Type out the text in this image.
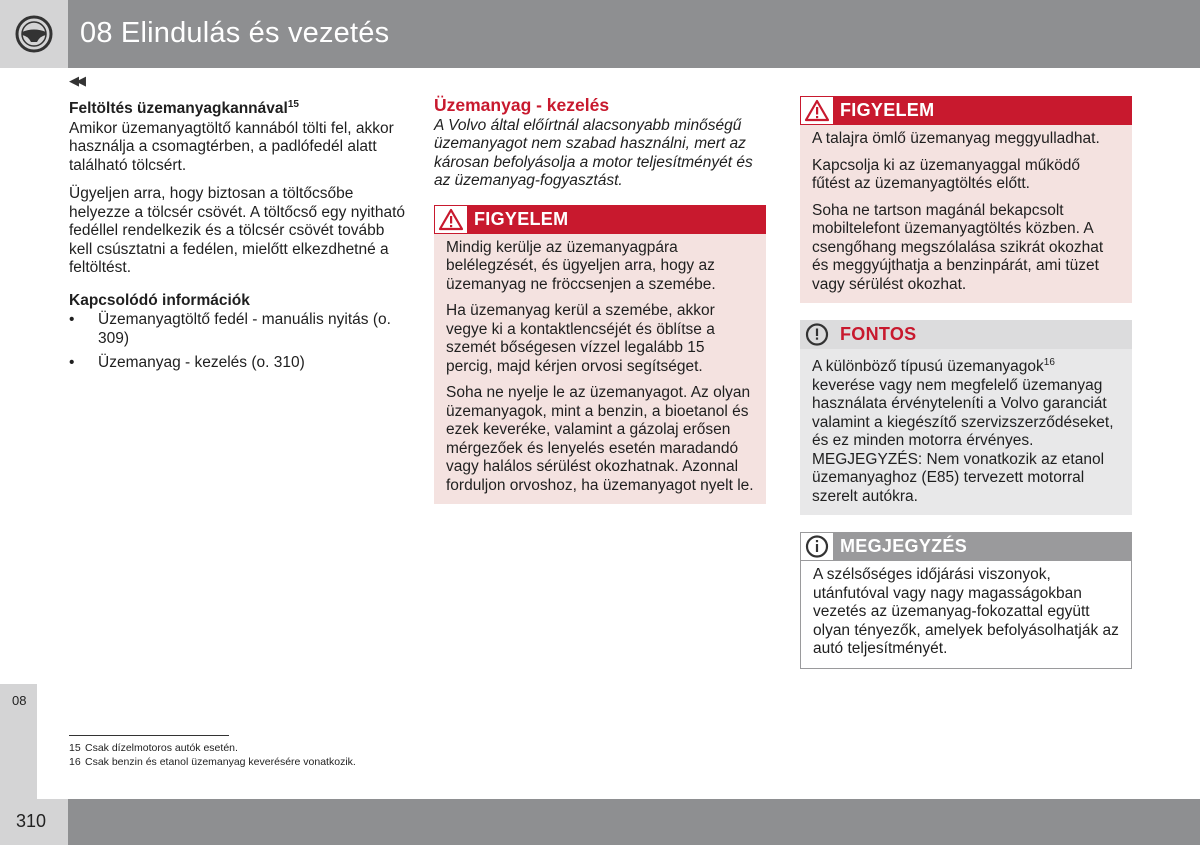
08 Elindulás és vezetés
◀◀
Feltöltés üzemanyagkannával$^{15}$

Amikor üzemanyagtöltő kannából tölti fel, akkor használja a csomagtérben, a padlófedél alatt található tölcsért.

Ügyeljen arra, hogy biztosan a töltőcsőbe helyezze a tölcsér csövét. A töltőcső egy nyitható fedéllel rendelkezik és a tölcsér csövét tovább kell csúsztatni a fedélen, mielőtt elkezdhetné a feltöltést.

Kapcsolódó információk
• Üzemanyagtöltő fedél - manuális nyitás (o. 309)
• Üzemanyag - kezelés (o. 310)
Üzemanyag - kezelés

A Volvo által előírtnál alacsonyabb minőségű üzemanyagot nem szabad használni, mert az károsan befolyásolja a motor teljesítményét és az üzemanyag-fogyasztást.

FIGYELEM

Mindig kerülje az üzemanyagpára belélegzését, és ügyeljen arra, hogy az üzemanyag ne fröccsenjen a szemébe.

Ha üzemanyag kerül a szemébe, akkor vegye ki a kontaktlencséjét és öblítse a szemét bőségesen vízzel legalább 15 percig, majd kérjen orvosi segítséget.

Soha ne nyelje le az üzemanyagot. Az olyan üzemanyagok, mint a benzin, a bioetanol és ezek keveréke, valamint a gázolaj erősen mérgezőek és lenyelés esetén maradandó vagy halálos sérülést okozhatnak. Azonnal forduljon orvoshoz, ha üzemanyagot nyelt le.

FIGYELEM

A talajra ömlő üzemanyag meggyulladhat.

Kapcsolja ki az üzemanyaggal működő fűtést az üzemanyagtöltés előtt.

Soha ne tartson magánál bekapcsolt mobiltelefont üzemanyagtöltés közben. A csengőhang megszólalása szikrát okozhat és meggyújthatja a benzinpárát, ami tüzet vagy sérülést okozhat.

FONTOS

A különböző típusú üzemanyagok$^{16}$ keverése vagy nem megfelelő üzemanyag használata érvényteleníti a Volvo garanciát valamint a kiegészítő szervizszerződéseket, és ez minden motorra érvényes. MEGJEGYZÉS: Nem vonatkozik az etanol üzemanyaghoz (E85) tervezett motorral szerelt autókra.

MEGJEGYZÉS

A szélsőséges időjárási viszonyok, utánfutóval vagy nagy magasságokban vezetés az üzemanyag-fokozattal együtt olyan tényezők, amelyek befolyásolhatják az autó teljesítményét.

15 Csak dízelmotoros autók esetén.
16 Csak benzin és etanol üzemanyag keverésére vonatkozik.
08
310
